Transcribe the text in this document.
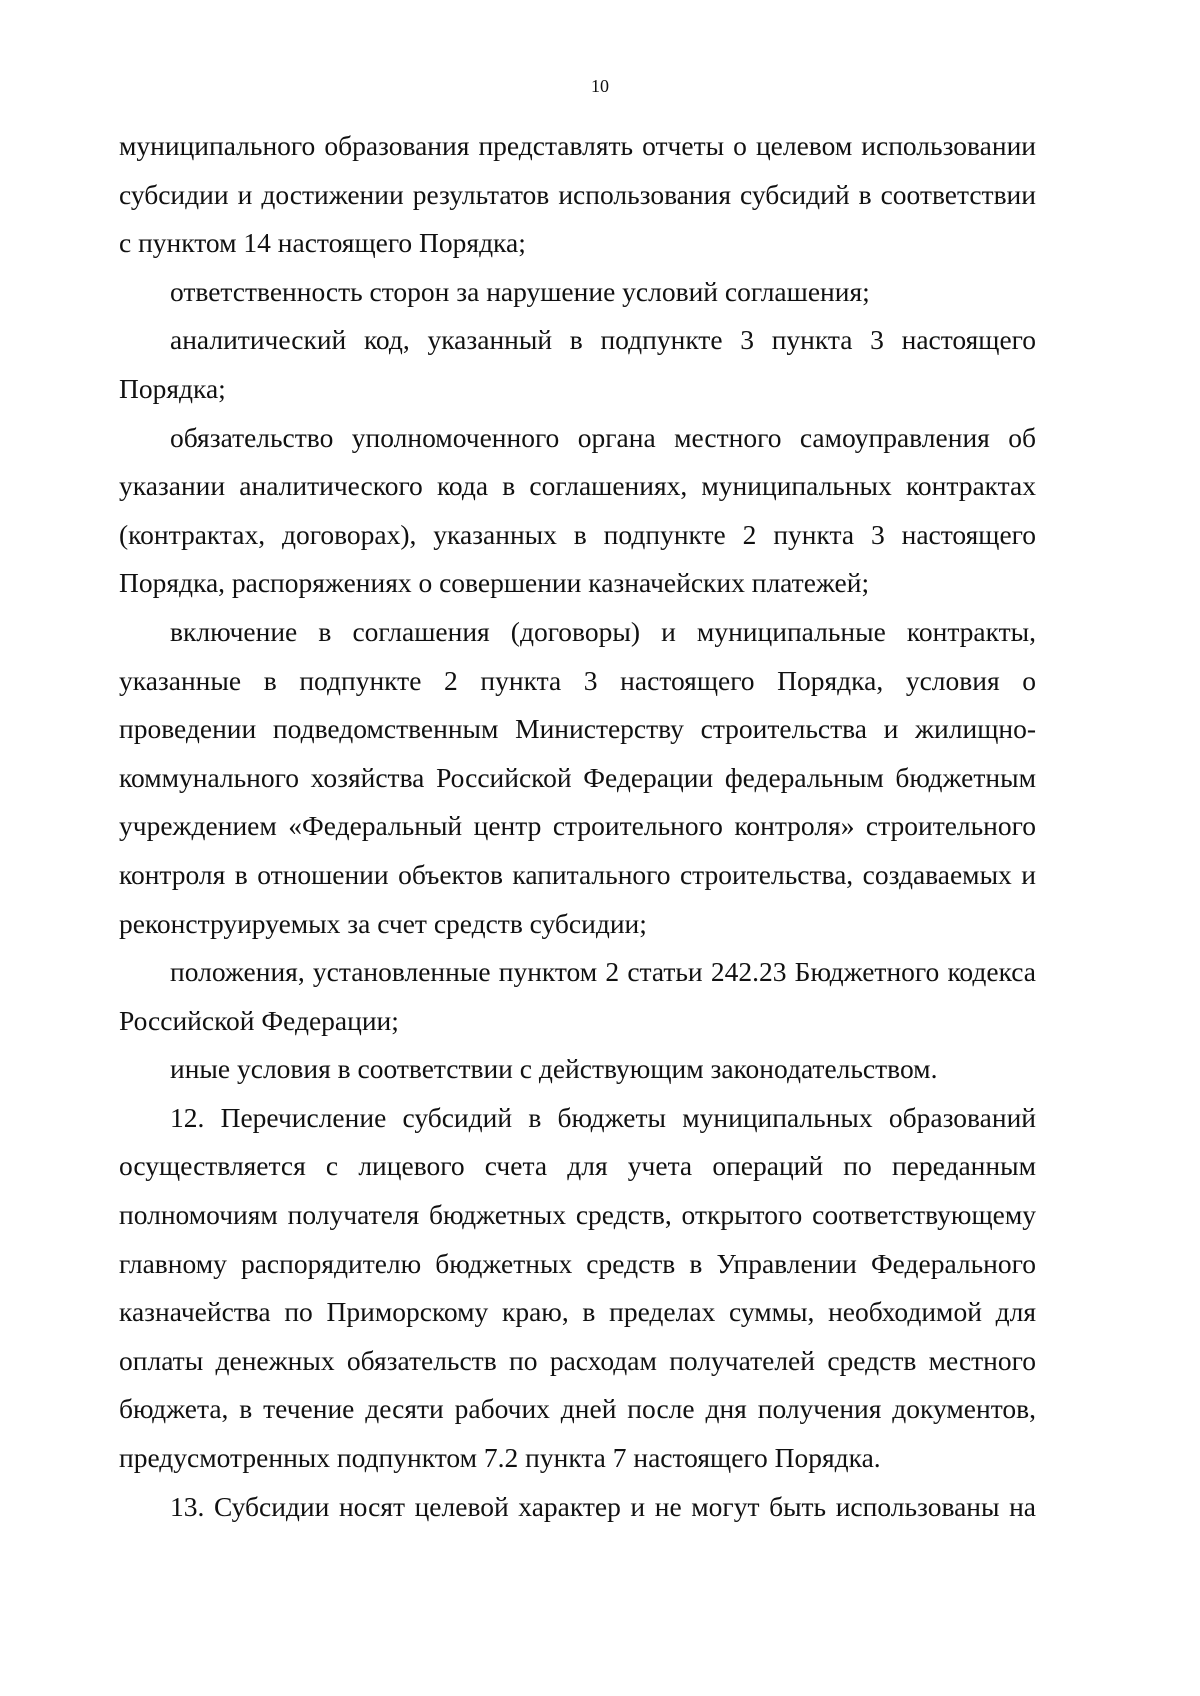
10

муниципального образования представлять отчеты о целевом использовании субсидии и достижении результатов использования субсидий в соответствии с пунктом 14 настоящего Порядка;

ответственность сторон за нарушение условий соглашения;

аналитический код, указанный в подпункте 3 пункта 3 настоящего Порядка;

обязательство уполномоченного органа местного самоуправления об указании аналитического кода в соглашениях, муниципальных контрактах (контрактах, договорах), указанных в подпункте 2 пункта 3 настоящего Порядка, распоряжениях о совершении казначейских платежей;

включение в соглашения (договоры) и муниципальные контракты, указанные в подпункте 2 пункта 3 настоящего Порядка, условия о проведении подведомственным Министерству строительства и жилищно-коммунального хозяйства Российской Федерации федеральным бюджетным учреждением «Федеральный центр строительного контроля» строительного контроля в отношении объектов капитального строительства, создаваемых и реконструируемых за счет средств субсидии;

положения, установленные пунктом 2 статьи 242.23 Бюджетного кодекса Российской Федерации;

иные условия в соответствии с действующим законодательством.

12. Перечисление субсидий в бюджеты муниципальных образований осуществляется с лицевого счета для учета операций по переданным полномочиям получателя бюджетных средств, открытого соответствующему главному распорядителю бюджетных средств в Управлении Федерального казначейства по Приморскому краю, в пределах суммы, необходимой для оплаты денежных обязательств по расходам получателей средств местного бюджета, в течение десяти рабочих дней после дня получения документов, предусмотренных подпунктом 7.2 пункта 7 настоящего Порядка.

13. Субсидии носят целевой характер и не могут быть использованы на
